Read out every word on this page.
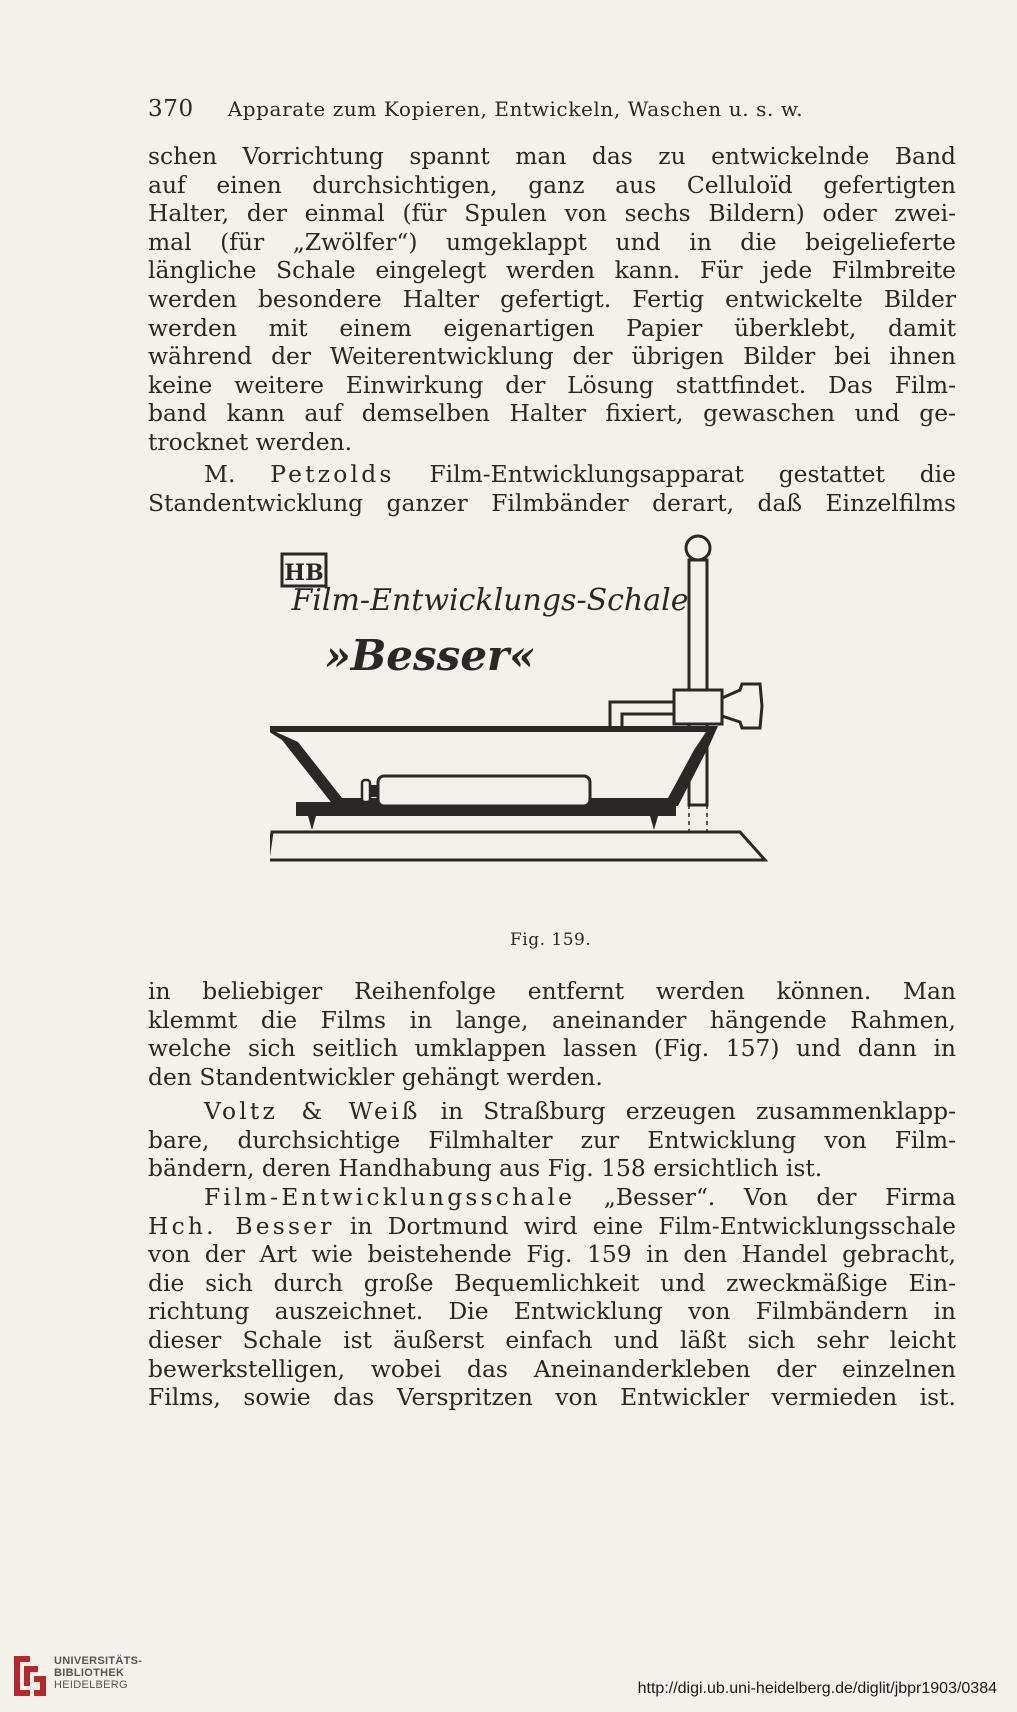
370 Apparate zum Kopieren, Entwickeln, Waschen u. s. w.
schen Vorrichtung spannt man das zu entwickelnde Band
auf einen durchsichtigen, ganz aus Celluloïd gefertigten
Halter, der einmal (für Spulen von sechs Bildern) oder zwei-
mal (für „Zwölfer“) umgeklappt und in die beigelieferte
längliche Schale eingelegt werden kann. Für jede Filmbreite
werden besondere Halter gefertigt. Fertig entwickelte Bilder
werden mit einem eigenartigen Papier überklebt, damit
während der Weiterentwicklung der übrigen Bilder bei ihnen
keine weitere Einwirkung der Lösung stattfindet. Das Film-
band kann auf demselben Halter fixiert, gewaschen und ge-
trocknet werden.
M. Petzolds Film-Entwicklungsapparat gestattet die
Standentwicklung ganzer Filmbänder derart, daß Einzelfilms
HB
Film-Entwicklungs-Schale
»Besser«
Fig. 159.
in beliebiger Reihenfolge entfernt werden können. Man
klemmt die Films in lange, aneinander hängende Rahmen,
welche sich seitlich umklappen lassen (Fig. 157) und dann in
den Standentwickler gehängt werden.
Voltz & Weiß in Straßburg erzeugen zusammenklapp-
bare, durchsichtige Filmhalter zur Entwicklung von Film-
bändern, deren Handhabung aus Fig. 158 ersichtlich ist.
Film-Entwicklungsschale „Besser“. Von der Firma
Hch. Besser in Dortmund wird eine Film-Entwicklungsschale
von der Art wie beistehende Fig. 159 in den Handel gebracht,
die sich durch große Bequemlichkeit und zweckmäßige Ein-
richtung auszeichnet. Die Entwicklung von Filmbändern in
dieser Schale ist äußerst einfach und läßt sich sehr leicht
bewerkstelligen, wobei das Aneinanderkleben der einzelnen
Films, sowie das Verspritzen von Entwickler vermieden ist.
UNIVERSITÄTS-
BIBLIOTHEK
HEIDELBERG	http://digi.ub.uni-heidelberg.de/diglit/jbpr1903/0384
